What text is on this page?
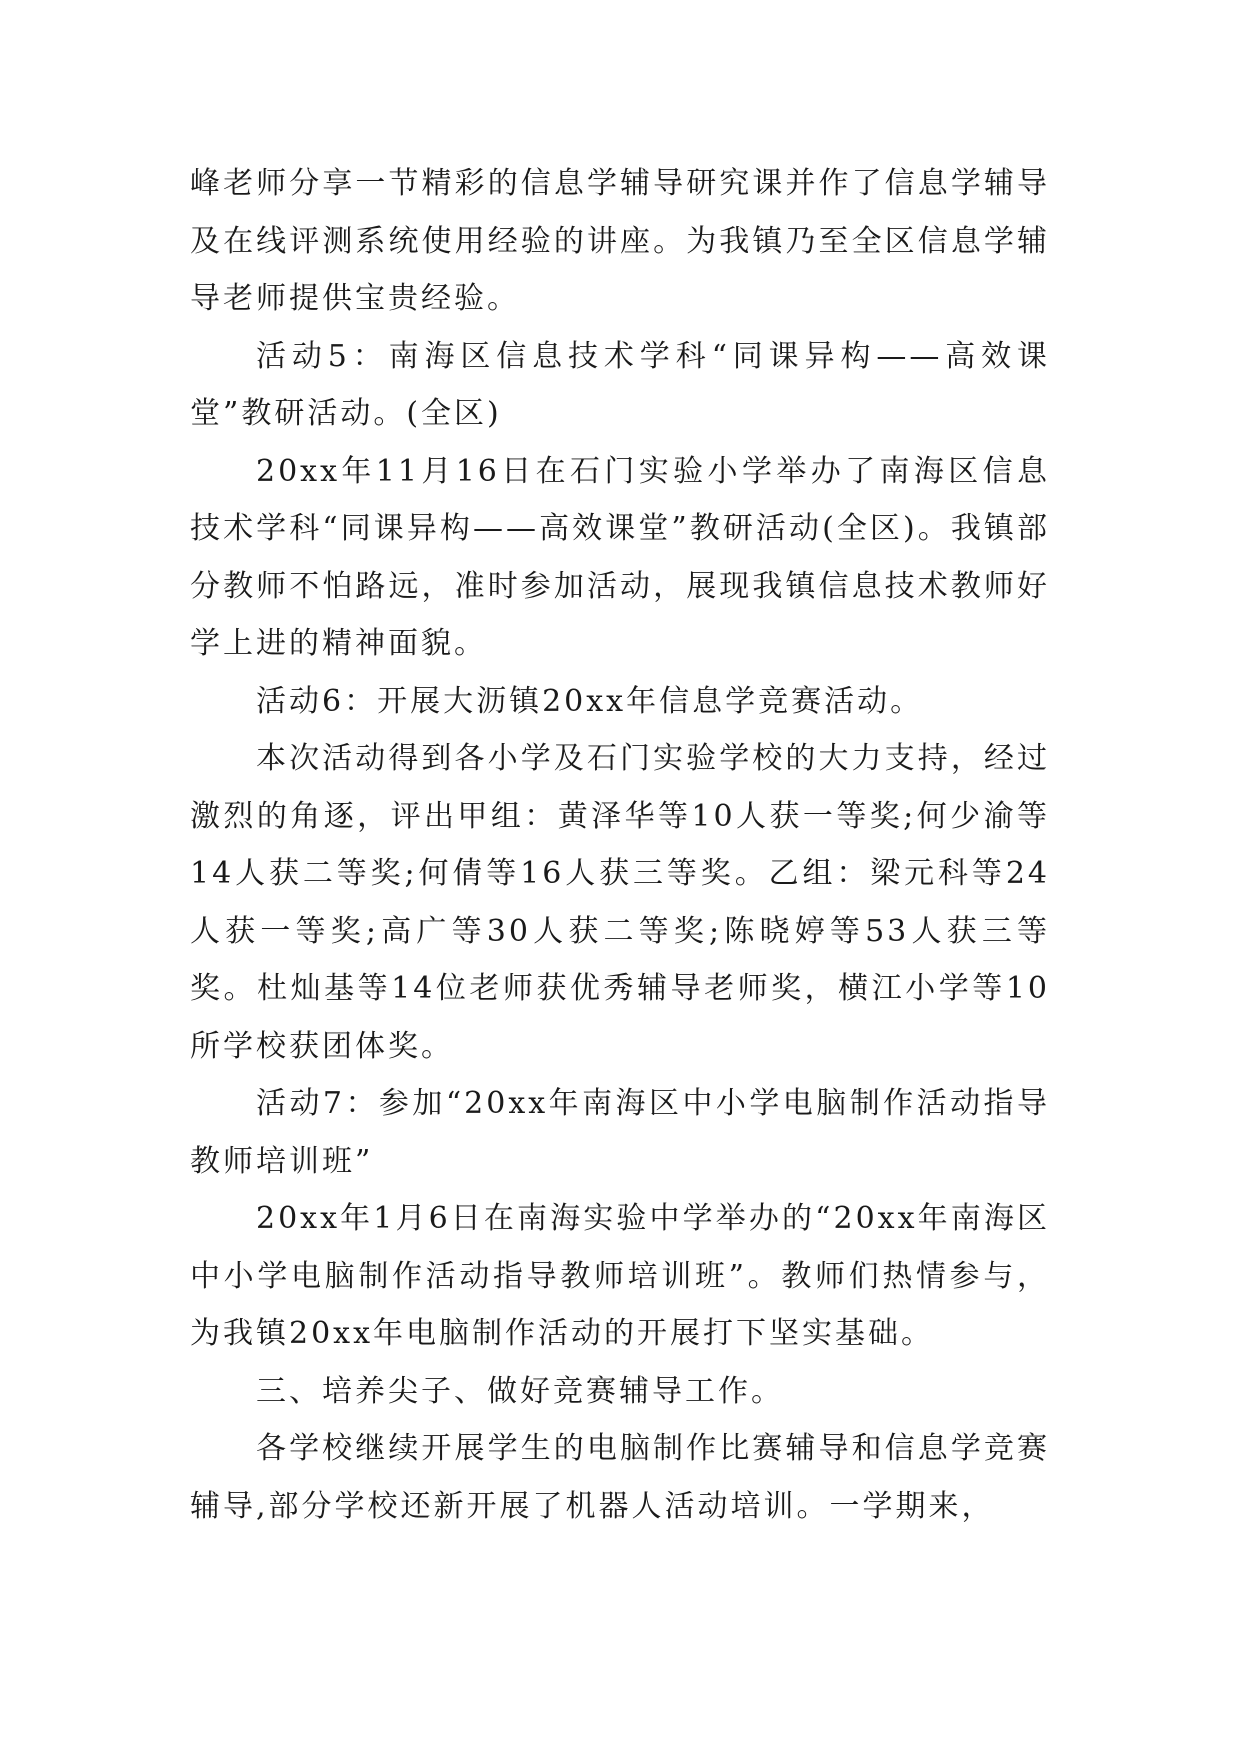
峰老师分享一节精彩的信息学辅导研究课并作了信息学辅导及在线评测系统使用经验的讲座。为我镇乃至全区信息学辅导老师提供宝贵经验。

活动5：南海区信息技术学科“同课异构——高效课堂”教研活动。(全区)

20xx年11月16日在石门实验小学举办了南海区信息技术学科“同课异构——高效课堂”教研活动(全区)。我镇部分教师不怕路远，准时参加活动，展现我镇信息技术教师好学上进的精神面貌。

活动6：开展大沥镇20xx年信息学竞赛活动。

本次活动得到各小学及石门实验学校的大力支持，经过激烈的角逐，评出甲组：黄泽华等10人获一等奖;何少渝等14人获二等奖;何倩等16人获三等奖。乙组：梁元科等24人获一等奖;高广等30人获二等奖;陈晓婷等53人获三等奖。杜灿基等14位老师获优秀辅导老师奖，横江小学等10所学校获团体奖。

活动7：参加“20xx年南海区中小学电脑制作活动指导教师培训班”

20xx年1月6日在南海实验中学举办的“20xx年南海区中小学电脑制作活动指导教师培训班”。教师们热情参与，为我镇20xx年电脑制作活动的开展打下坚实基础。

三、培养尖子、做好竞赛辅导工作。

各学校继续开展学生的电脑制作比赛辅导和信息学竞赛辅导,部分学校还新开展了机器人活动培训。一学期来，
